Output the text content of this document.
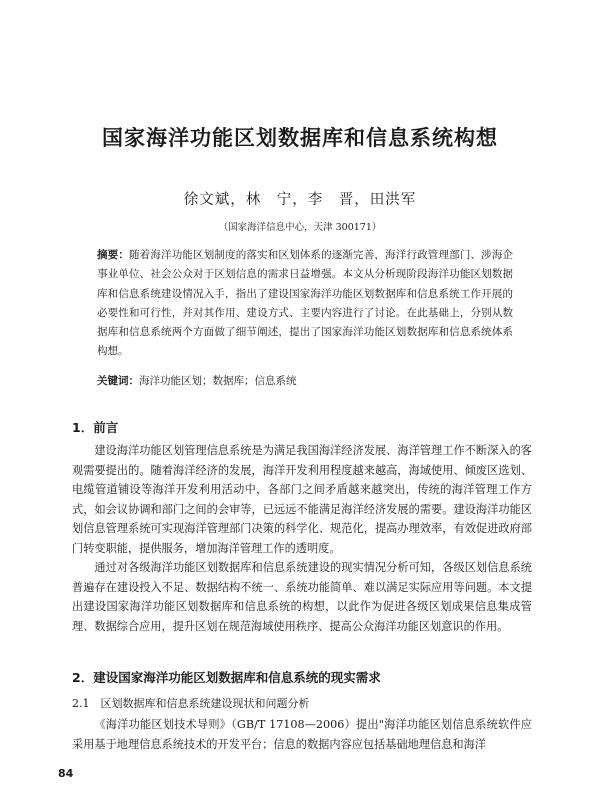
国家海洋功能区划数据库和信息系统构想
徐文斌，林　宁，李　晋，田洪军
（国家海洋信息中心，天津 300171）

摘要：随着海洋功能区划制度的落实和区划体系的逐渐完善，海洋行政管理部门、涉海企事业单位、社会公众对于区划信息的需求日益增强。本文从分析现阶段海洋功能区划数据库和信息系统建设情况入手，指出了建设国家海洋功能区划数据库和信息系统工作开展的必要性和可行性，并对其作用、建设方式、主要内容进行了讨论。在此基础上，分别从数据库和信息系统两个方面做了细节阐述，提出了国家海洋功能区划数据库和信息系统体系构想。

关键词：海洋功能区划；数据库；信息系统

1．前言

建设海洋功能区划管理信息系统是为满足我国海洋经济发展、海洋管理工作不断深入的客观需要提出的。随着海洋经济的发展，海洋开发利用程度越来越高，海域使用、倾废区选划、电缆管道铺设等海洋开发利用活动中，各部门之间矛盾越来越突出，传统的海洋管理工作方式，如会议协调和部门之间的会审等，已远远不能满足海洋经济发展的需要。建设海洋功能区划信息管理系统可实现海洋管理部门决策的科学化、规范化，提高办理效率，有效促进政府部门转变职能，提供服务，增加海洋管理工作的透明度。

通过对各级海洋功能区划数据库和信息系统建设的现实情况分析可知，各级区划信息系统普遍存在建设投入不足、数据结构不统一、系统功能简单、难以满足实际应用等问题。本文提出建设国家海洋功能区划数据库和信息系统的构想，以此作为促进各级区划成果信息集成管理、数据综合应用，提升区划在规范海域使用秩序、提高公众海洋功能区划意识的作用。

2．建设国家海洋功能区划数据库和信息系统的现实需求

2.1　区划数据库和信息系统建设现状和问题分析

《海洋功能区划技术导则》（GB/T 17108—2006）提出"海洋功能区划信息系统软件应采用基于地理信息系统技术的开发平台；信息的数据内容应包括基础地理信息和海洋

84
